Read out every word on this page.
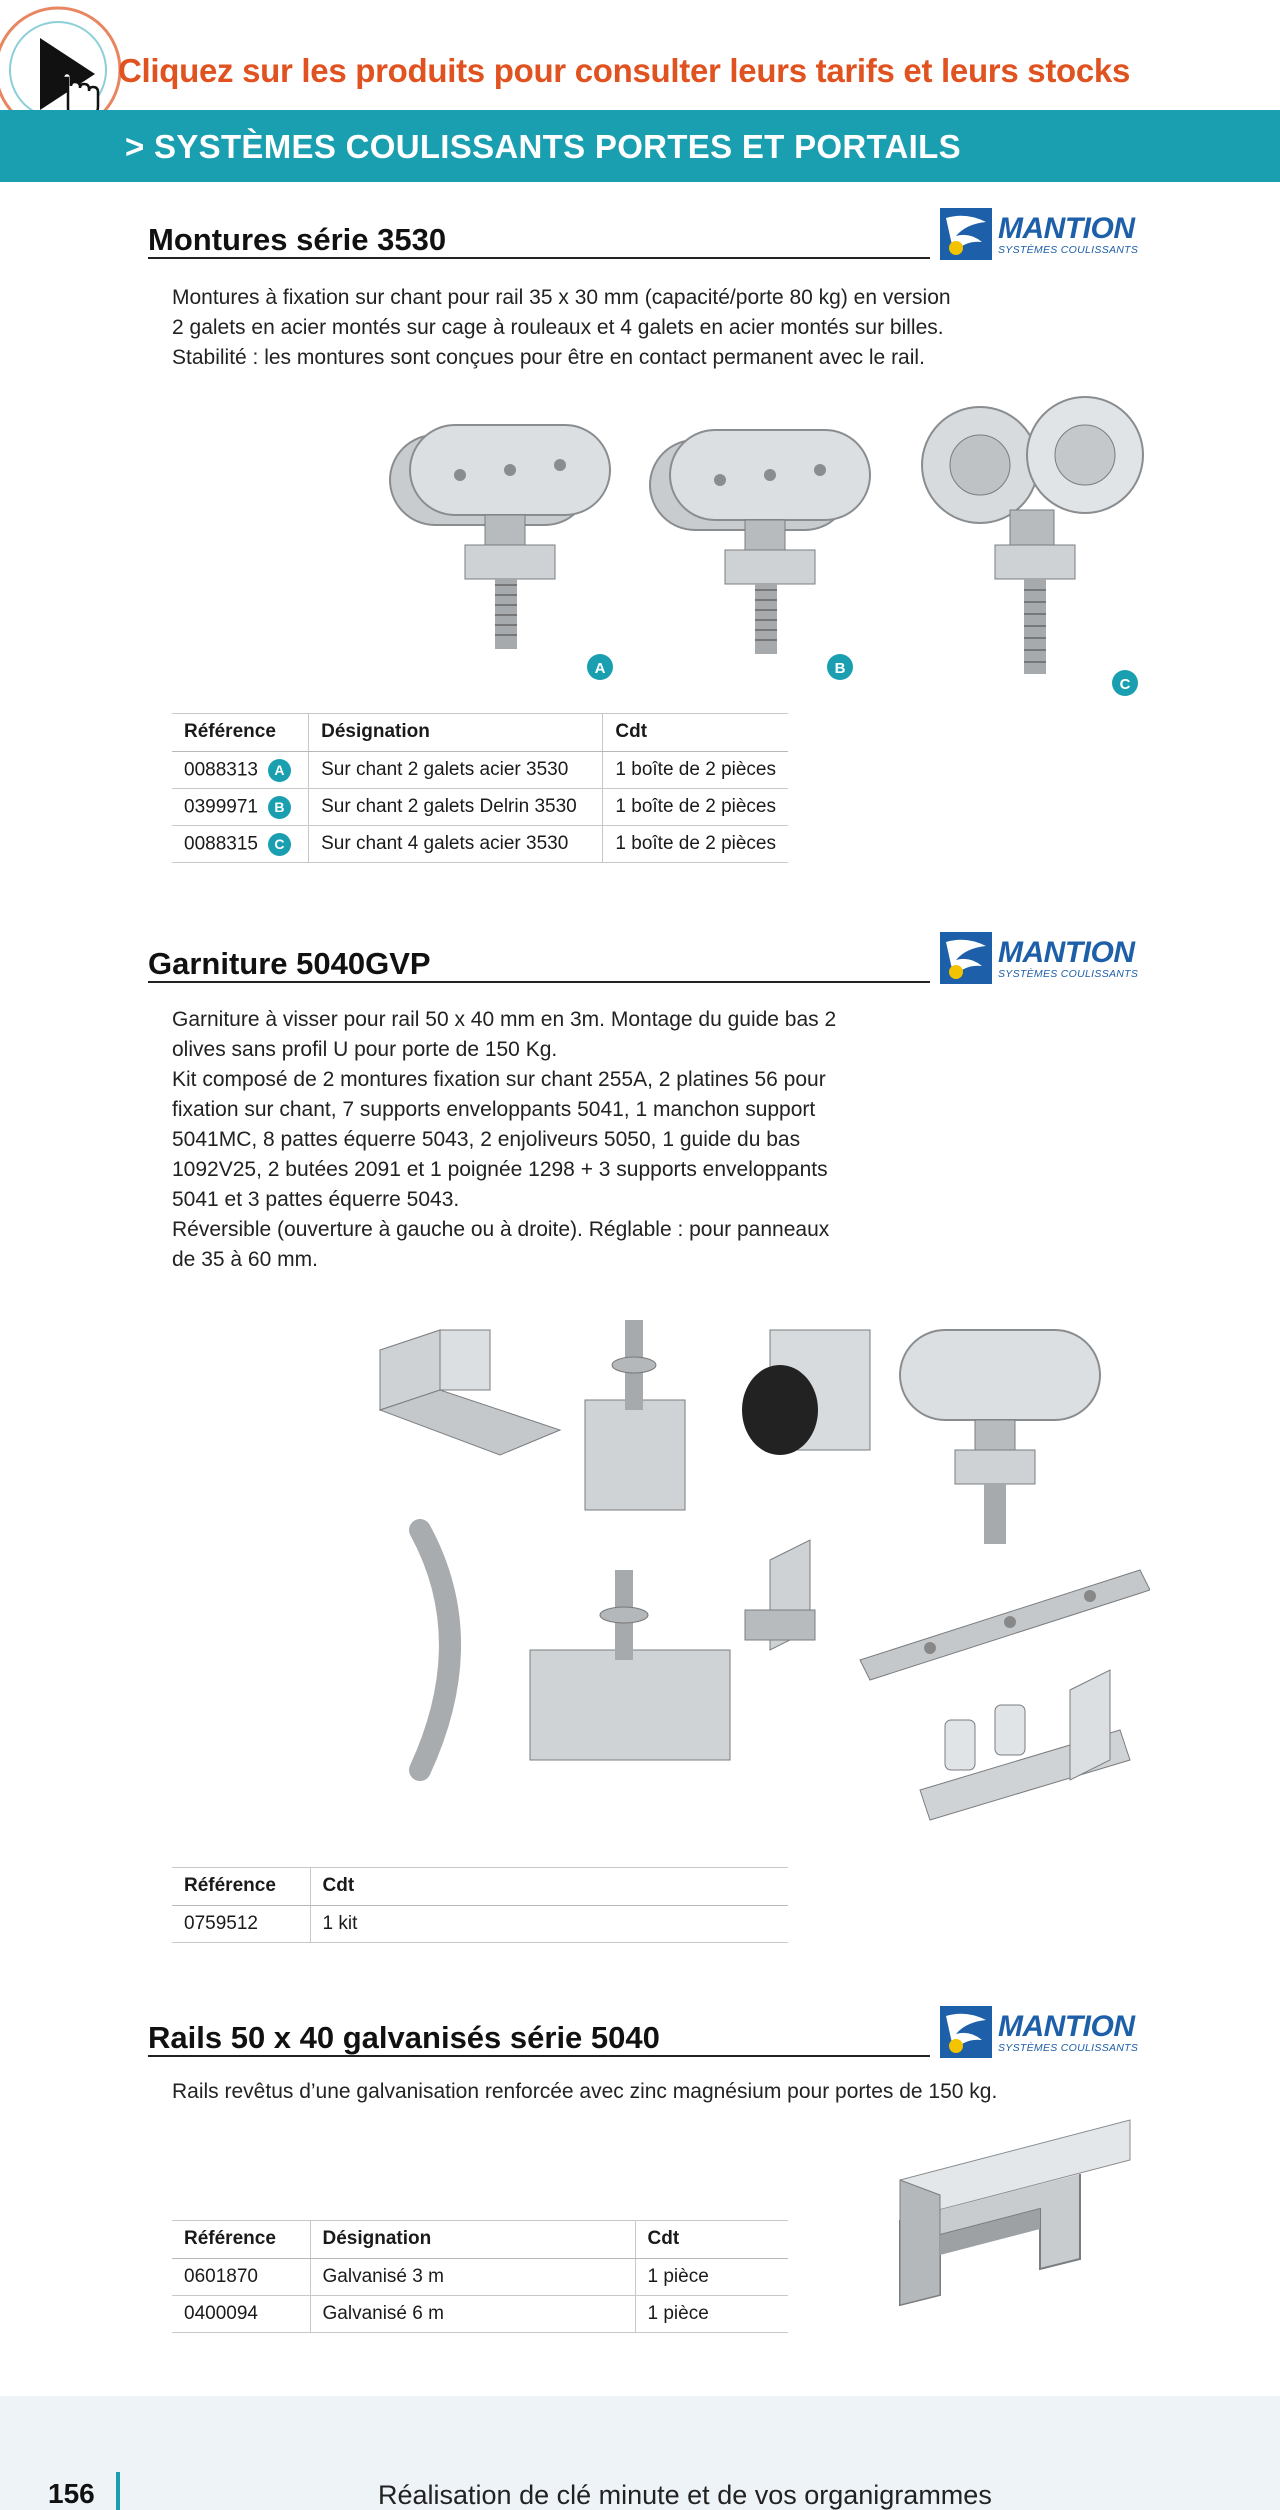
Cliquez sur les produits pour consulter leurs tarifs et leurs stocks
> SYSTÈMES COULISSANTS PORTES ET PORTAILS
Montures série 3530	MANTION
SYSTÈMES COULISSANTS

Montures à fixation sur chant pour rail 35 x 30 mm (capacité/porte 80 kg) en version

2 galets en acier montés sur cage à rouleaux et 4 galets en acier montés sur billes.

Stabilité : les montures sont conçues pour être en contact permanent avec le rail.

A	B
C
Référence	Désignation	Cdt
0088313 A	Sur chant 2 galets acier 3530	1 boîte de 2 pièces
0399971 B	Sur chant 2 galets Delrin 3530	1 boîte de 2 pièces
0088315 C	Sur chant 4 galets acier 3530	1 boîte de 2 pièces
Garniture 5040GVP	MANTION
SYSTÈMES COULISSANTS

Garniture à visser pour rail 50 x 40 mm en 3m. Montage du guide bas 2

olives sans profil U pour porte de 150 Kg.

Kit composé de 2 montures fixation sur chant 255A, 2 platines 56 pour

fixation sur chant, 7 supports enveloppants 5041, 1 manchon support

5041MC, 8 pattes équerre 5043, 2 enjoliveurs 5050, 1 guide du bas

1092V25, 2 butées 2091 et 1 poignée 1298 + 3 supports enveloppants

5041 et 3 pattes équerre 5043.

Réversible (ouverture à gauche ou à droite). Réglable : pour panneaux

de 35 à 60 mm.

Référence	Cdt
0759512	1 kit
Rails 50 x 40 galvanisés série 5040	MANTION
SYSTÈMES COULISSANTS

Rails revêtus d’une galvanisation renforcée avec zinc magnésium pour portes de 150 kg.

Référence	Désignation	Cdt
0601870	Galvanisé 3 m	1 pièce
0400094	Galvanisé 6 m	1 pièce
156	Réalisation de clé minute et de vos organigrammes
